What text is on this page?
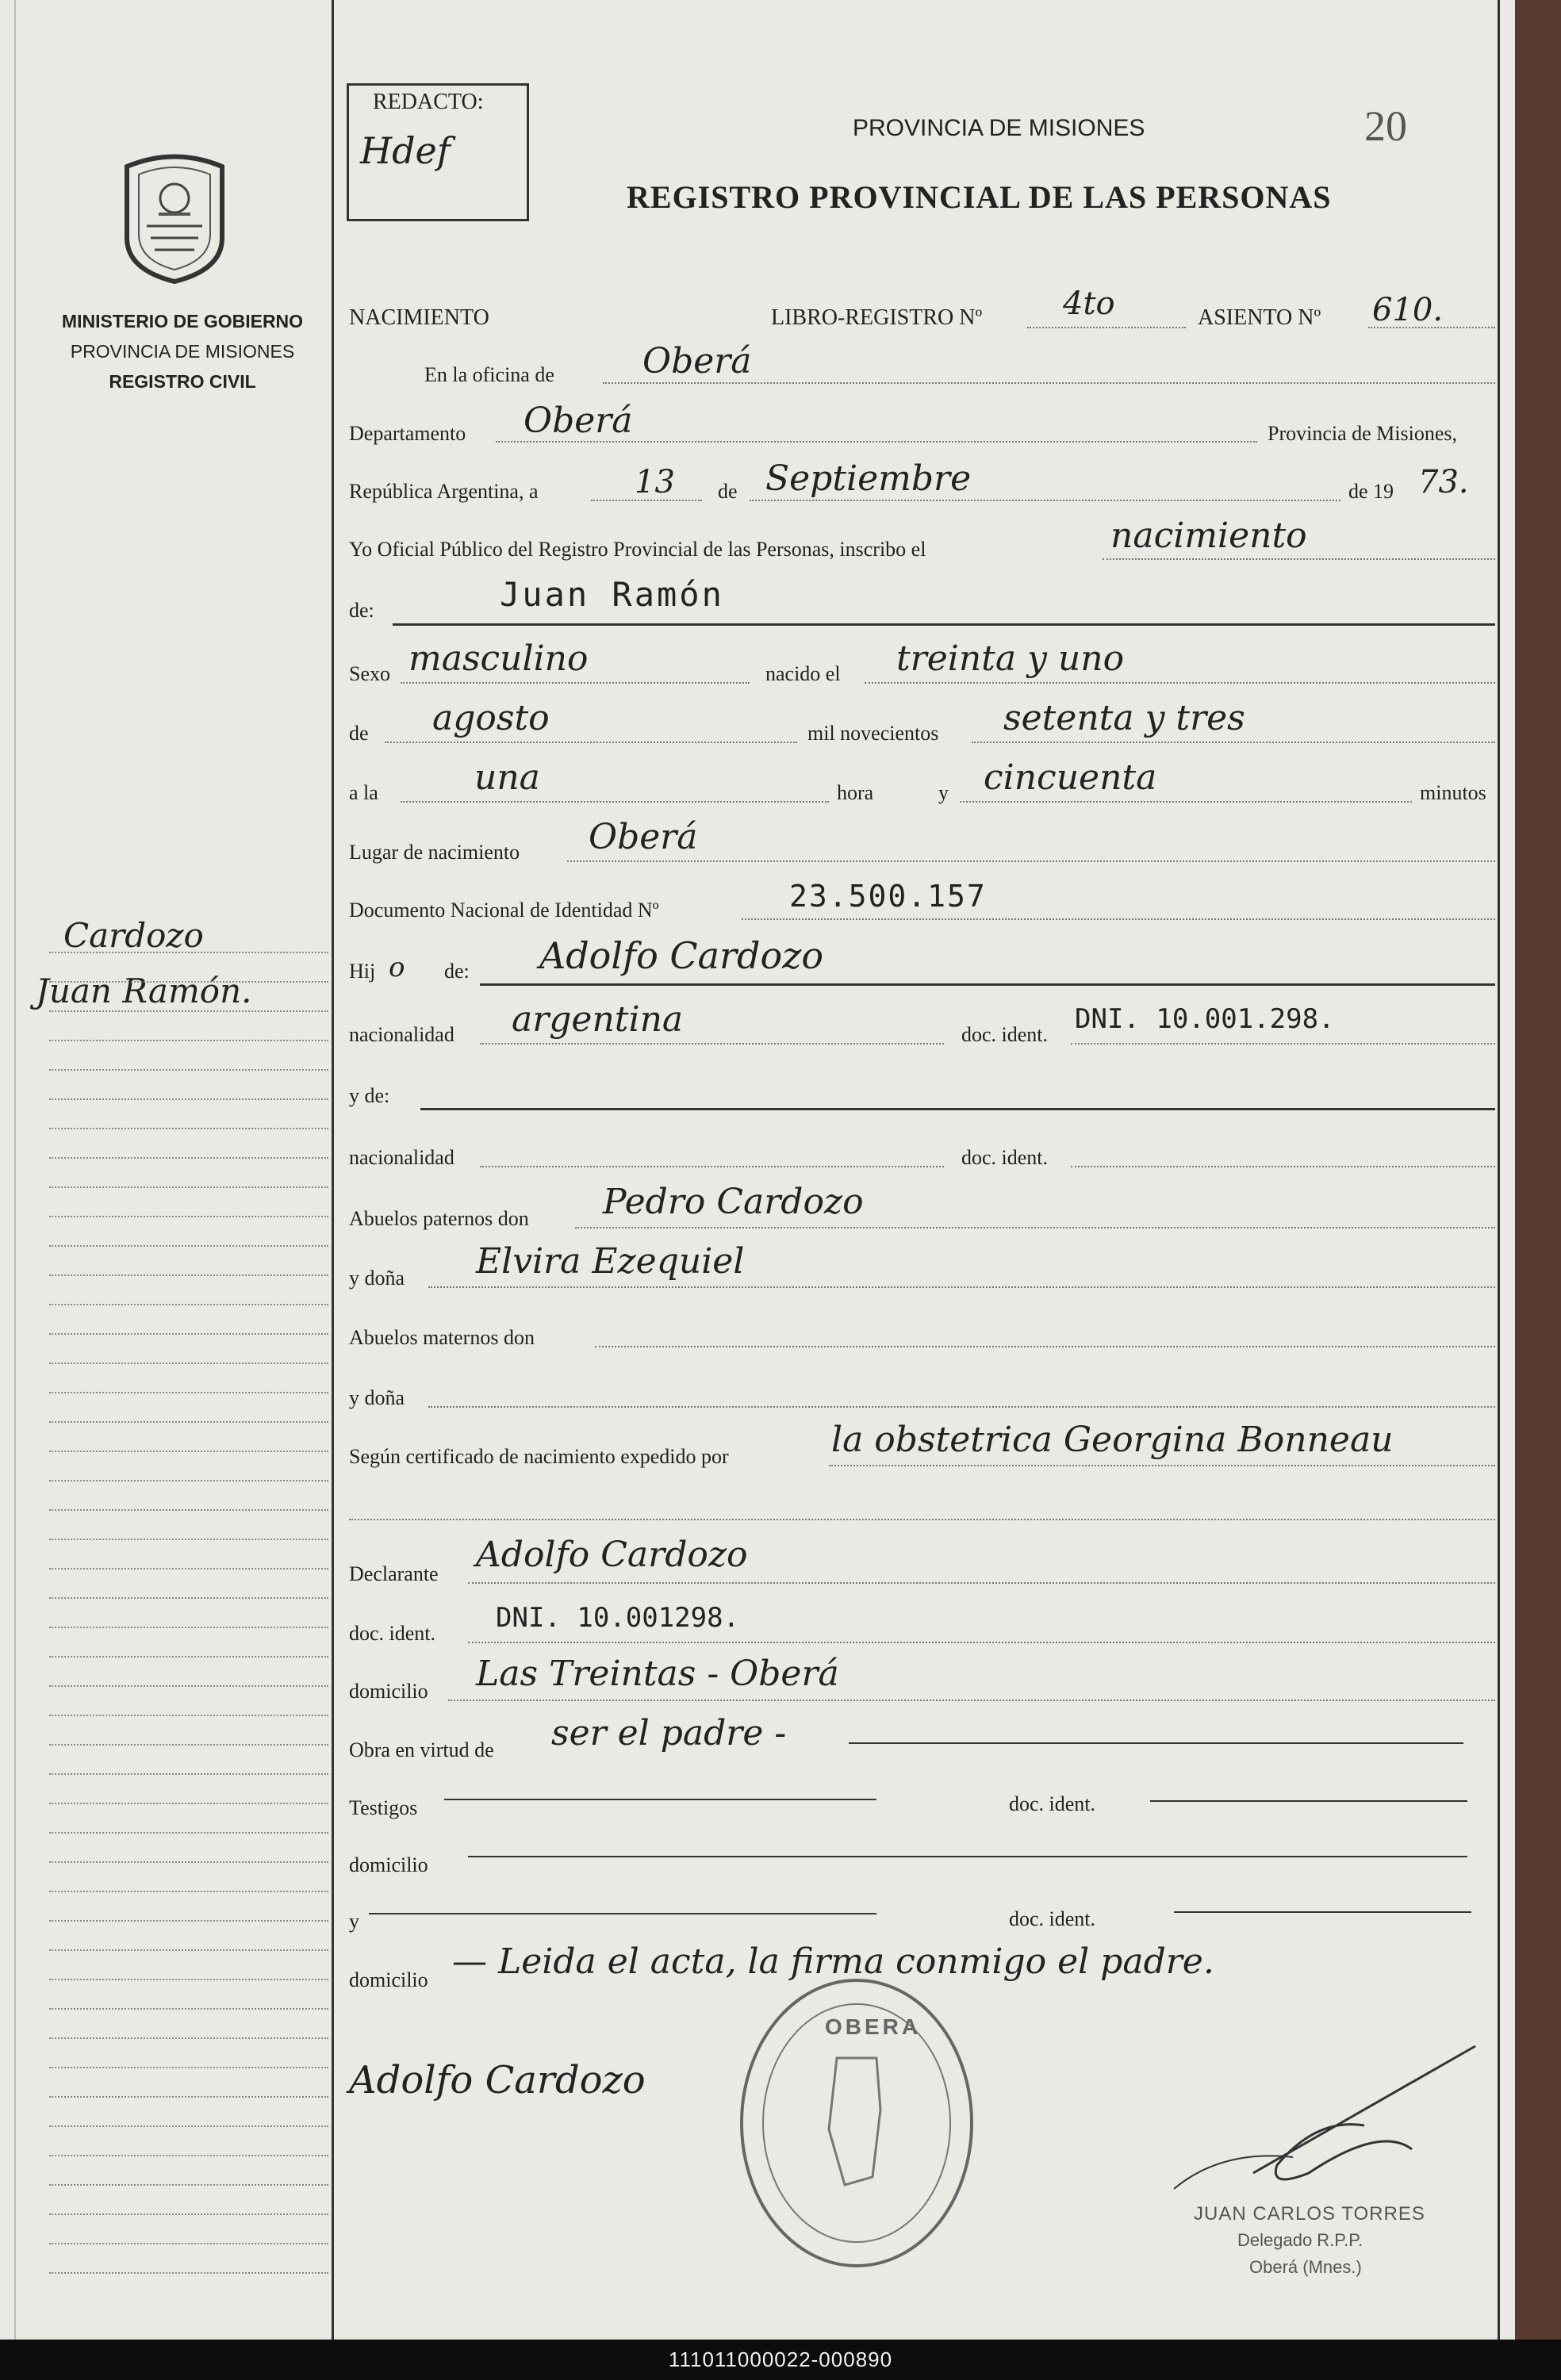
MINISTERIO DE GOBIERNO
PROVINCIA DE MISIONES
REGISTRO CIVIL
Cardozo
Juan Ramón.
REDACTO:
Hdef
PROVINCIA DE MISIONES
REGISTRO PROVINCIAL DE LAS PERSONAS
20
NACIMIENTO	LIBRO-REGISTRO Nº	4to	ASIENTO Nº 610.
En la oficina de	Oberá
Departamento Oberá	Provincia de Misiones,
República Argentina, a	13 de Septiembre	de 19 73.
Yo Oficial Público del Registro Provincial de las Personas, inscribo el	nacimiento
de:	Juan Ramón
Sexo masculino	nacido el treinta y uno
de agosto	mil novecientos setenta y tres
a la	una	hora	y cincuenta	minutos
Lugar de nacimiento Oberá
Documento Nacional de Identidad Nº	23.500.157
Hij o de: Adolfo Cardozo
nacionalidad argentina	doc. ident. DNI. 10.001.298.
y de:
nacionalidad	doc. ident.
Abuelos paternos don Pedro Cardozo
y doña Elvira Ezequiel
Abuelos maternos don
y doña
Según certificado de nacimiento expedido por	la obstetrica Georgina Bonneau
Declarante Adolfo Cardozo
doc. ident. DNI. 10.001298.
domicilio Las Treintas - Oberá
Obra en virtud de ser el padre -
Testigos	doc. ident.
domicilio
y	doc. ident.
domicilio — Leida el acta, la firma conmigo el padre.
Adolfo Cardozo
OBERA
JUAN CARLOS TORRES
Delegado R.P.P.
Oberá (Mnes.)
111011000022-000890
